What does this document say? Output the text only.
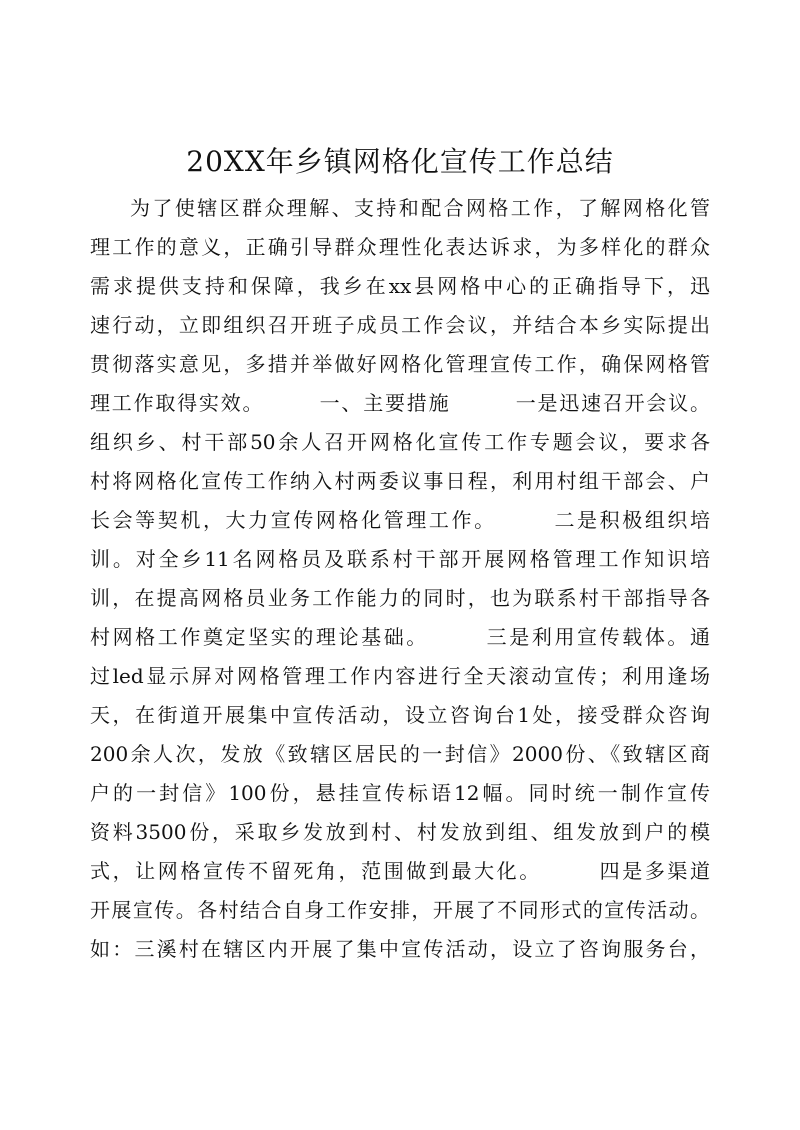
20XX年乡镇网格化宣传工作总结
为了使辖区群众理解、支持和配合网格工作，了解网格化管
理工作的意义，正确引导群众理性化表达诉求，为多样化的群众
需求提供支持和保障，我乡在xx县网格中心的正确指导下，迅
速行动，立即组织召开班子成员工作会议，并结合本乡实际提出
贯彻落实意见，多措并举做好网格化管理宣传工作，确保网格管
理工作取得实效。　　　一、主要措施　　　一是迅速召开会议。
组织乡、村干部50余人召开网格化宣传工作专题会议，要求各
村将网格化宣传工作纳入村两委议事日程，利用村组干部会、户
长会等契机，大力宣传网格化管理工作。　　　二是积极组织培
训。对全乡11名网格员及联系村干部开展网格管理工作知识培
训，在提高网格员业务工作能力的同时，也为联系村干部指导各
村网格工作奠定坚实的理论基础。　　　三是利用宣传载体。通
过led显示屏对网格管理工作内容进行全天滚动宣传；利用逢场
天，在街道开展集中宣传活动，设立咨询台1处，接受群众咨询
200余人次，发放《致辖区居民的一封信》2000份、《致辖区商
户的一封信》100份，悬挂宣传标语12幅。同时统一制作宣传
资料3500份，采取乡发放到村、村发放到组、组发放到户的模
式，让网格宣传不留死角，范围做到最大化。　　　四是多渠道
开展宣传。各村结合自身工作安排，开展了不同形式的宣传活动。
如：三溪村在辖区内开展了集中宣传活动，设立了咨询服务台，
